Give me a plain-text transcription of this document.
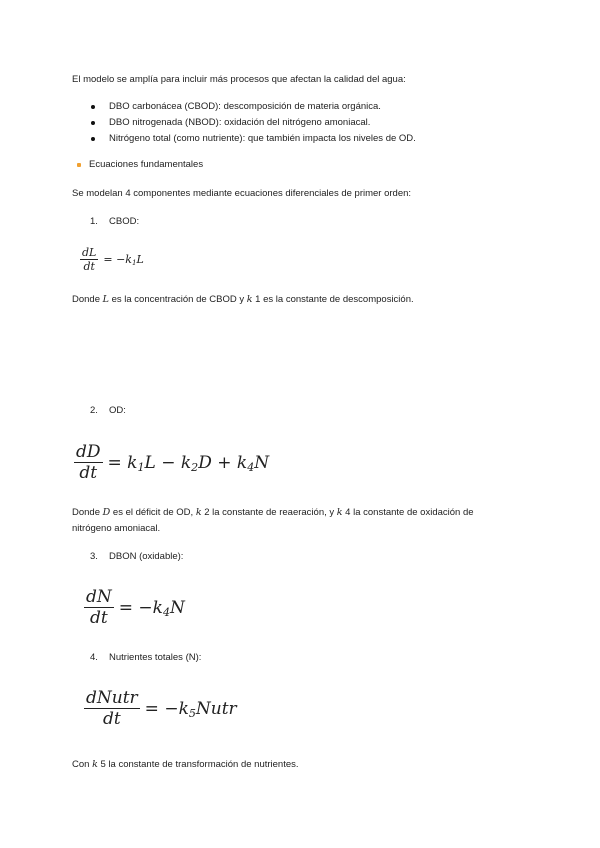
El modelo se amplía para incluir más procesos que afectan la calidad del agua:
DBO carbonácea (CBOD): descomposición de materia orgánica.
DBO nitrogenada (NBOD): oxidación del nitrógeno amoniacal.
Nitrógeno total (como nutriente): que también impacta los niveles de OD.
Ecuaciones fundamentales
Se modelan 4 componentes mediante ecuaciones diferenciales de primer orden:
1. CBOD:
$\frac{dL}{dt} = -k_1L$
Donde L es la concentración de CBOD y k 1 es la constante de descomposición.
2. OD:
$\frac{dD}{dt} = k_1L - k_2D + k_4N$
Donde D es el déficit de OD, k 2 la constante de reaeración, y k 4 la constante de oxidación de
nitrógeno amoniacal.
3. DBON (oxidable):
$\frac{dN}{dt} = -k_4N$
4. Nutrientes totales (N):
$\frac{\text{dNutr}}{dt}$ = $-k_5Nutr$
Con k 5 la constante de transformación de nutrientes.
